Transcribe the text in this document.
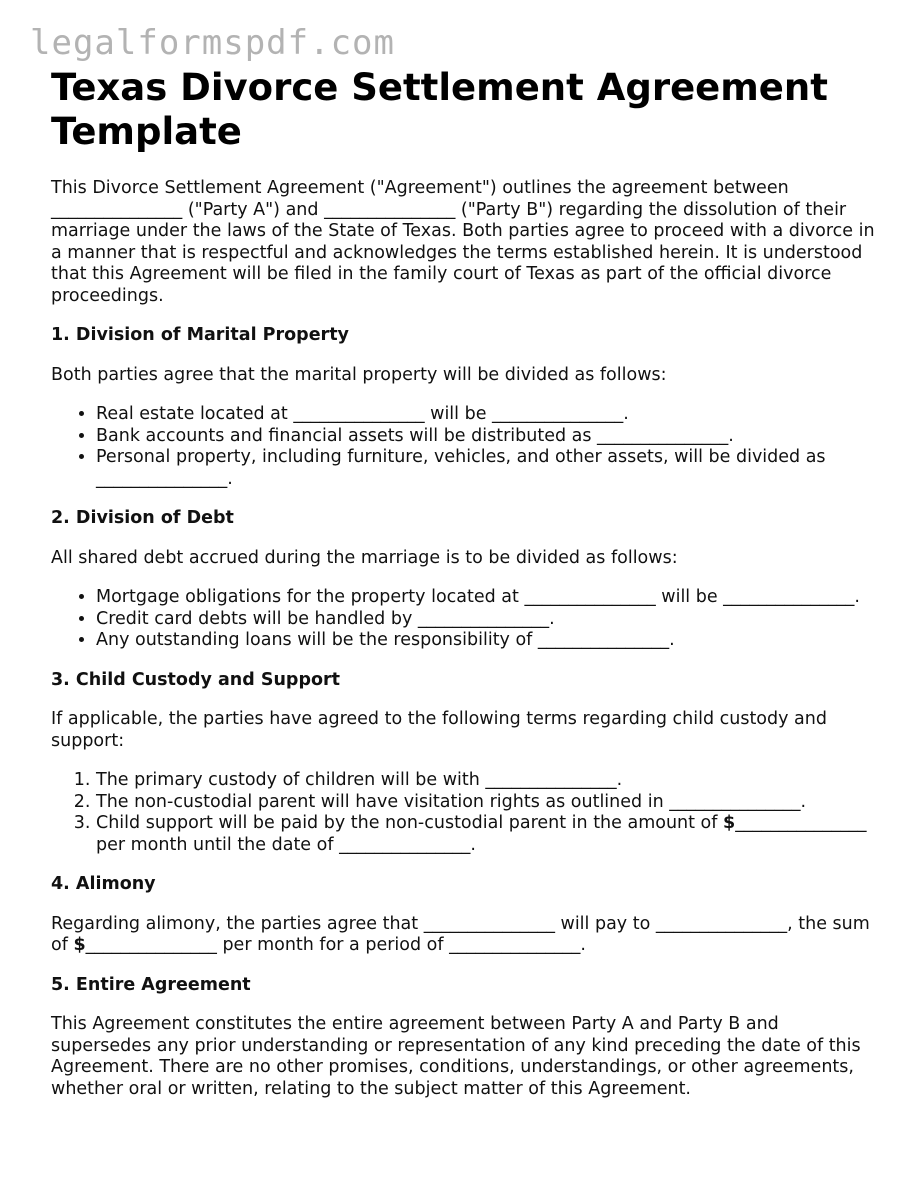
legalformspdf.com
Texas Divorce Settlement Agreement Template

This Divorce Settlement Agreement ("Agreement") outlines the agreement between _______________ ("Party A") and _______________ ("Party B") regarding the dissolution of their marriage under the laws of the State of Texas. Both parties agree to proceed with a divorce in a manner that is respectful and acknowledges the terms established herein. It is understood that this Agreement will be filed in the family court of Texas as part of the official divorce proceedings.

1. Division of Marital Property

Both parties agree that the marital property will be divided as follows:

• Real estate located at _______________ will be _______________.
• Bank accounts and financial assets will be distributed as _______________.
• Personal property, including furniture, vehicles, and other assets, will be divided as _______________.
2. Division of Debt

All shared debt accrued during the marriage is to be divided as follows:

• Mortgage obligations for the property located at _______________ will be _______________.
• Credit card debts will be handled by _______________.
• Any outstanding loans will be the responsibility of _______________.
3. Child Custody and Support

If applicable, the parties have agreed to the following terms regarding child custody and support:

1. The primary custody of children will be with _______________.
2. The non-custodial parent will have visitation rights as outlined in _______________.
3. Child support will be paid by the non-custodial parent in the amount of $_______________ per month until the date of _______________.
4. Alimony

Regarding alimony, the parties agree that _______________ will pay to _______________, the sum of $_______________ per month for a period of _______________.

5. Entire Agreement

This Agreement constitutes the entire agreement between Party A and Party B and supersedes any prior understanding or representation of any kind preceding the date of this Agreement. There are no other promises, conditions, understandings, or other agreements, whether oral or written, relating to the subject matter of this Agreement.
